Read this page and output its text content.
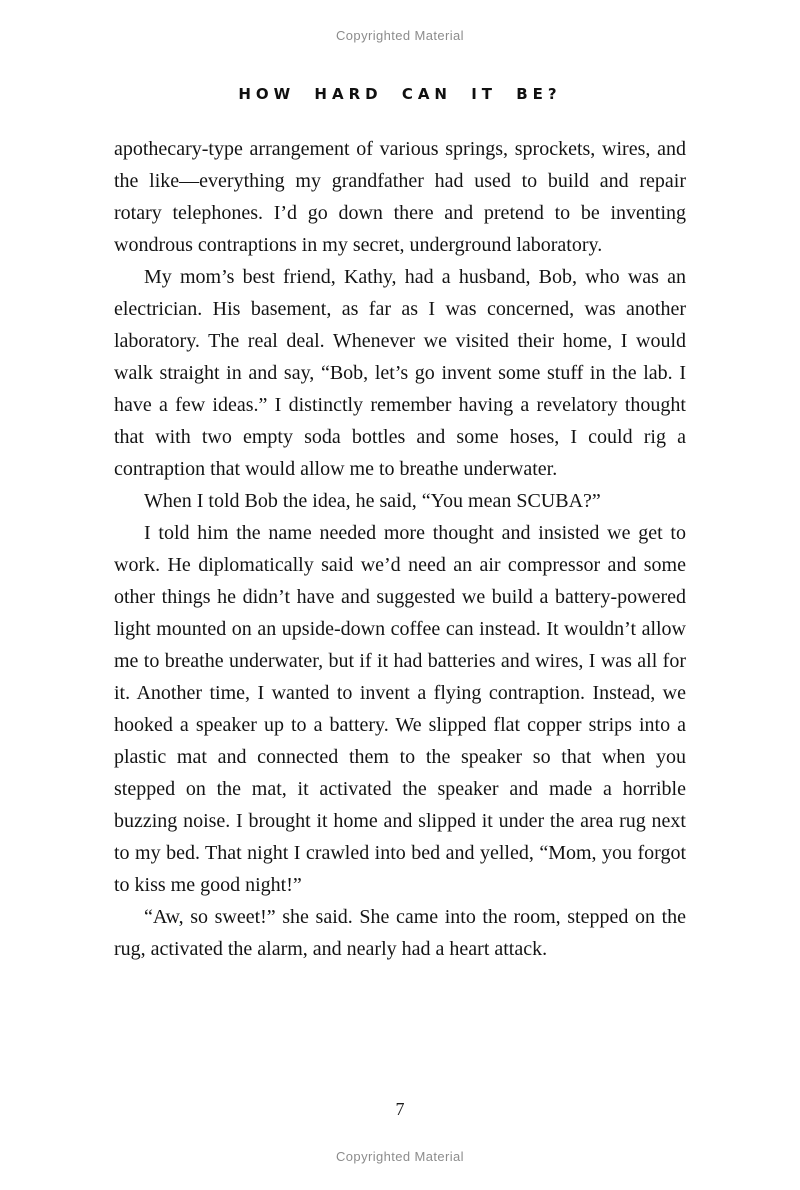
Copyrighted Material
HOW HARD CAN IT BE?

apothecary-type arrangement of various springs, sprockets, wires, and the like—everything my grandfather had used to build and repair rotary telephones. I’d go down there and pretend to be inventing wondrous contraptions in my secret, underground laboratory.

My mom’s best friend, Kathy, had a husband, Bob, who was an electrician. His basement, as far as I was concerned, was another laboratory. The real deal. Whenever we visited their home, I would walk straight in and say, “Bob, let’s go invent some stuff in the lab. I have a few ideas.” I distinctly remember having a revelatory thought that with two empty soda bottles and some hoses, I could rig a contraption that would allow me to breathe underwater.

When I told Bob the idea, he said, “You mean SCUBA?”

I told him the name needed more thought and insisted we get to work. He diplomatically said we’d need an air compressor and some other things he didn’t have and suggested we build a battery-powered light mounted on an upside-down coffee can instead. It wouldn’t allow me to breathe underwater, but if it had batteries and wires, I was all for it. Another time, I wanted to invent a flying contraption. Instead, we hooked a speaker up to a battery. We slipped flat copper strips into a plastic mat and connected them to the speaker so that when you stepped on the mat, it activated the speaker and made a horrible buzzing noise. I brought it home and slipped it under the area rug next to my bed. That night I crawled into bed and yelled, “Mom, you forgot to kiss me good night!”

“Aw, so sweet!” she said. She came into the room, stepped on the rug, activated the alarm, and nearly had a heart attack.

7
Copyrighted Material
